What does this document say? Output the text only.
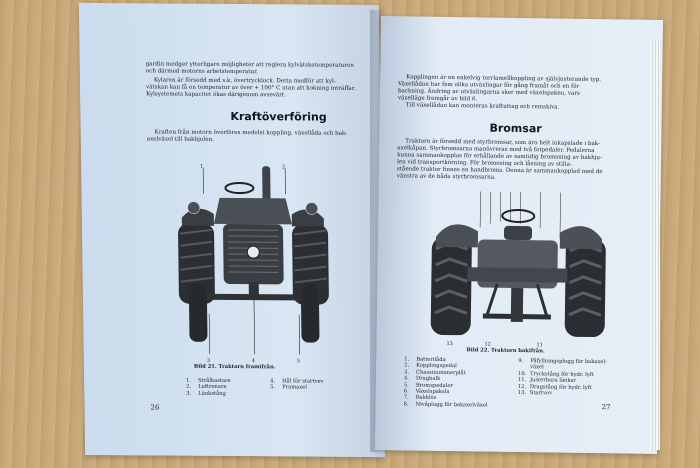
gardin medger ytterligare möjligheter att reglera kylvätsketemperaturen
och därmed motorns arbetstemperatur.
Kylaren är försedd med s.k. övertrycklock. Detta medför att kyl-
vätskan kan få en temperatur av över + 100° C utan att kokning inträffar.
Kylsystemets kapacitet ökas därigenom avsevärt.
Kraftöverföring
Kraften från motorn överföres medelst koppling, växellåda och bak-
axelväxel till bakhjulen.
1	2
3	4	5
Bild 21. Traktorn framifrån.
1.	Strålkastare
2.	Luftrenare
3.	Länkstång
4.	Hål för startvev
5.	Framaxel
26
Kopplingen är en enkelvig torrlamellkoppling av självjusterande typ.
Växellådan har fem olika utväxlingar för gång framåt och en för
backning. Ändring av utväxlingarna sker med växelspaken, vars
växelläge framgår av bild 6.
Till växellådan kan monteras kraftuttag och remskiva.
Bromsar
Traktorn är försedd med styrbromsar, som äro helt inkapslade i bak-
axelkåpan. Styrbromsarna manövreras med två fotpedaler. Pedalerna
kunna sammankopplas för erhållande av samtidig bromsning av bakhju-
len vid transportkörning. För bromsning och låsning av stilla-
stående traktor finnes en handbroms. Denna är sammankopplad med de
vänstra av de båda styrbromsarna.
13	12	11
Bild 22. Traktorn bakifrån.
1.	Batterilåda
2.	Kopplingspedal
3.	Chassinummerplåt
4.	Dragbalk
5.	Bromspedaler
6.	Växelspaksla
7.	Bakklös
8.	Nivåplugg för bakaxelväxel
9.	Påfyllningsplugg för bakaxel-
växel
10. Tryckstång för hydr. lyft
11. Justerbara länkar
12. Dragstång för hydr. lyft
13. Startvev
27
